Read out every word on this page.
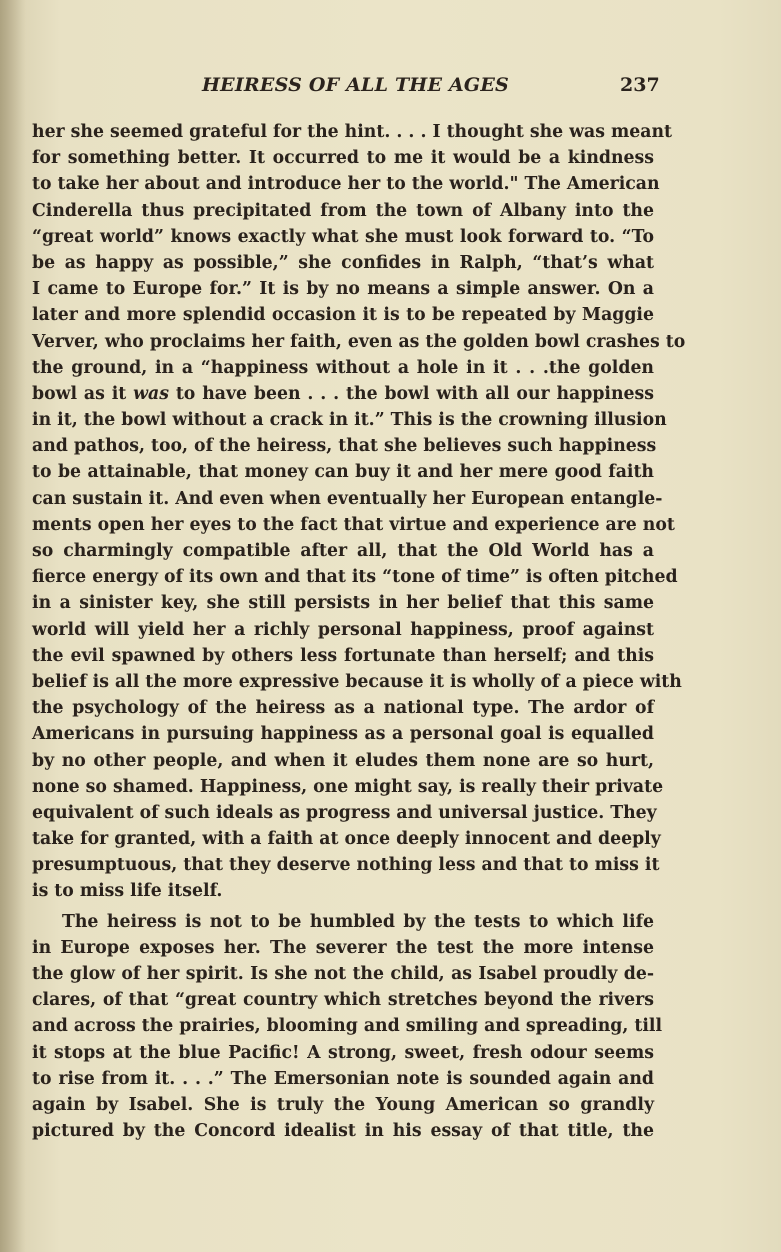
HEIRESS OF ALL THE AGES	237

her she seemed grateful for the hint. . . . I thought she was meant
for something better. It occurred to me it would be a kindness
to take her about and introduce her to the world." The American
Cinderella thus precipitated from the town of Albany into the
“great world” knows exactly what she must look forward to. “To
be as happy as possible,” she confides in Ralph, “that’s what
I came to Europe for.” It is by no means a simple answer. On a
later and more splendid occasion it is to be repeated by Maggie
Verver, who proclaims her faith, even as the golden bowl crashes to
the ground, in a “happiness without a hole in it . . .the golden
bowl as it was to have been . . . the bowl with all our happiness
in it, the bowl without a crack in it.” This is the crowning illusion
and pathos, too, of the heiress, that she believes such happiness
to be attainable, that money can buy it and her mere good faith
can sustain it. And even when eventually her European entangle-
ments open her eyes to the fact that virtue and experience are not
so charmingly compatible after all, that the Old World has a
fierce energy of its own and that its “tone of time” is often pitched
in a sinister key, she still persists in her belief that this same
world will yield her a richly personal happiness, proof against
the evil spawned by others less fortunate than herself; and this
belief is all the more expressive because it is wholly of a piece with
the psychology of the heiress as a national type. The ardor of
Americans in pursuing happiness as a personal goal is equalled
by no other people, and when it eludes them none are so hurt,
none so shamed. Happiness, one might say, is really their private
equivalent of such ideals as progress and universal justice. They
take for granted, with a faith at once deeply innocent and deeply
presumptuous, that they deserve nothing less and that to miss it
is to miss life itself.

The heiress is not to be humbled by the tests to which life
in Europe exposes her. The severer the test the more intense
the glow of her spirit. Is she not the child, as Isabel proudly de-
clares, of that “great country which stretches beyond the rivers
and across the prairies, blooming and smiling and spreading, till
it stops at the blue Pacific! A strong, sweet, fresh odour seems
to rise from it. . . .” The Emersonian note is sounded again and
again by Isabel. She is truly the Young American so grandly
pictured by the Concord idealist in his essay of that title, the
